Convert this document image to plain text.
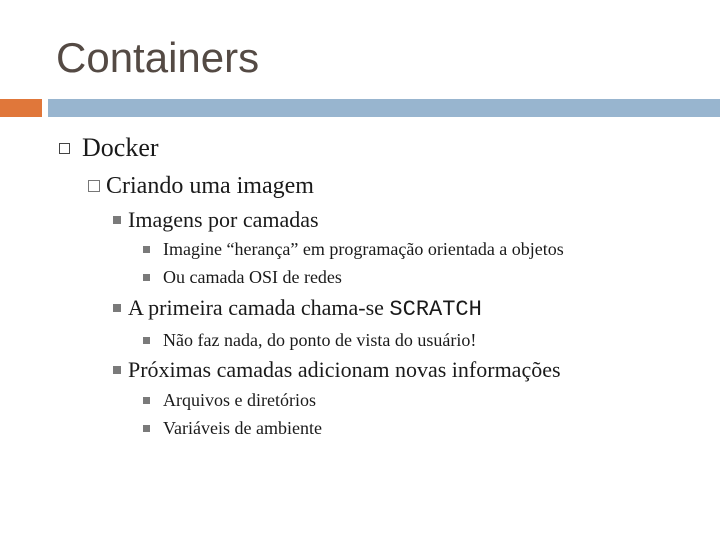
Containers
Docker
Criando uma imagem
Imagens por camadas
Imagine “herança” em programação orientada a objetos
Ou camada OSI de redes
A primeira camada chama-se SCRATCH
Não faz nada, do ponto de vista do usuário!
Próximas camadas adicionam novas informações
Arquivos e diretórios
Variáveis de ambiente
